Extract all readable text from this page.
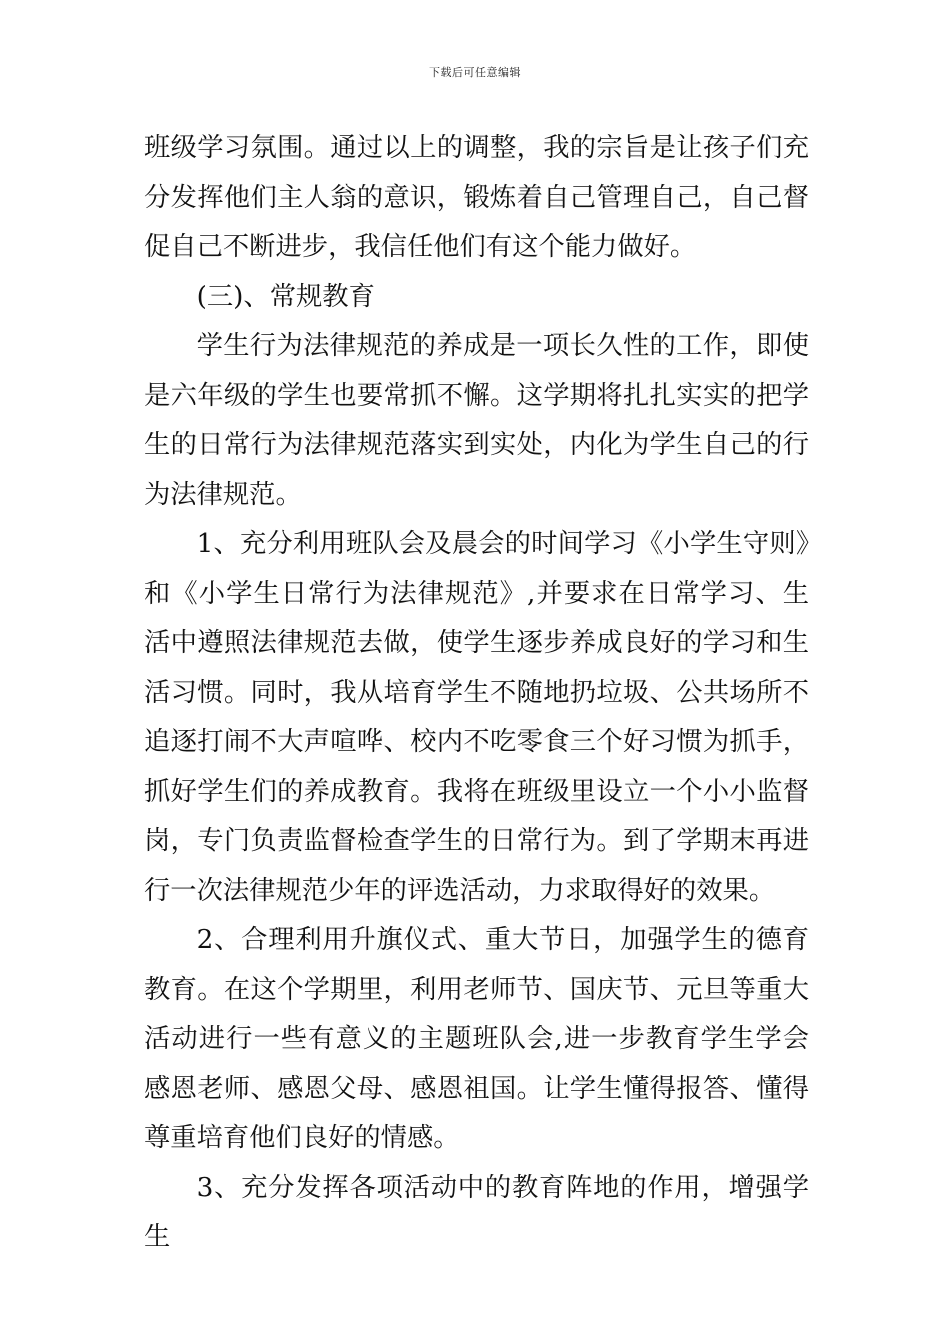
下载后可任意编辑

班级学习氛围。通过以上的调整，我的宗旨是让孩子们充分发挥他们主人翁的意识，锻炼着自己管理自己，自己督促自己不断进步，我信任他们有这个能力做好。

(三)、常规教育

学生行为法律规范的养成是一项长久性的工作，即使是六年级的学生也要常抓不懈。这学期将扎扎实实的把学生的日常行为法律规范落实到实处，内化为学生自己的行为法律规范。

1、充分利用班队会及晨会的时间学习《小学生守则》和《小学生日常行为法律规范》,并要求在日常学习、生活中遵照法律规范去做，使学生逐步养成良好的学习和生活习惯。同时，我从培育学生不随地扔垃圾、公共场所不追逐打闹不大声喧哗、校内不吃零食三个好习惯为抓手，抓好学生们的养成教育。我将在班级里设立一个小小监督岗，专门负责监督检查学生的日常行为。到了学期末再进行一次法律规范少年的评选活动，力求取得好的效果。

2、合理利用升旗仪式、重大节日，加强学生的德育教育。在这个学期里，利用老师节、国庆节、元旦等重大活动进行一些有意义的主题班队会,进一步教育学生学会感恩老师、感恩父母、感恩祖国。让学生懂得报答、懂得尊重培育他们良好的情感。

3、充分发挥各项活动中的教育阵地的作用，增强学生
